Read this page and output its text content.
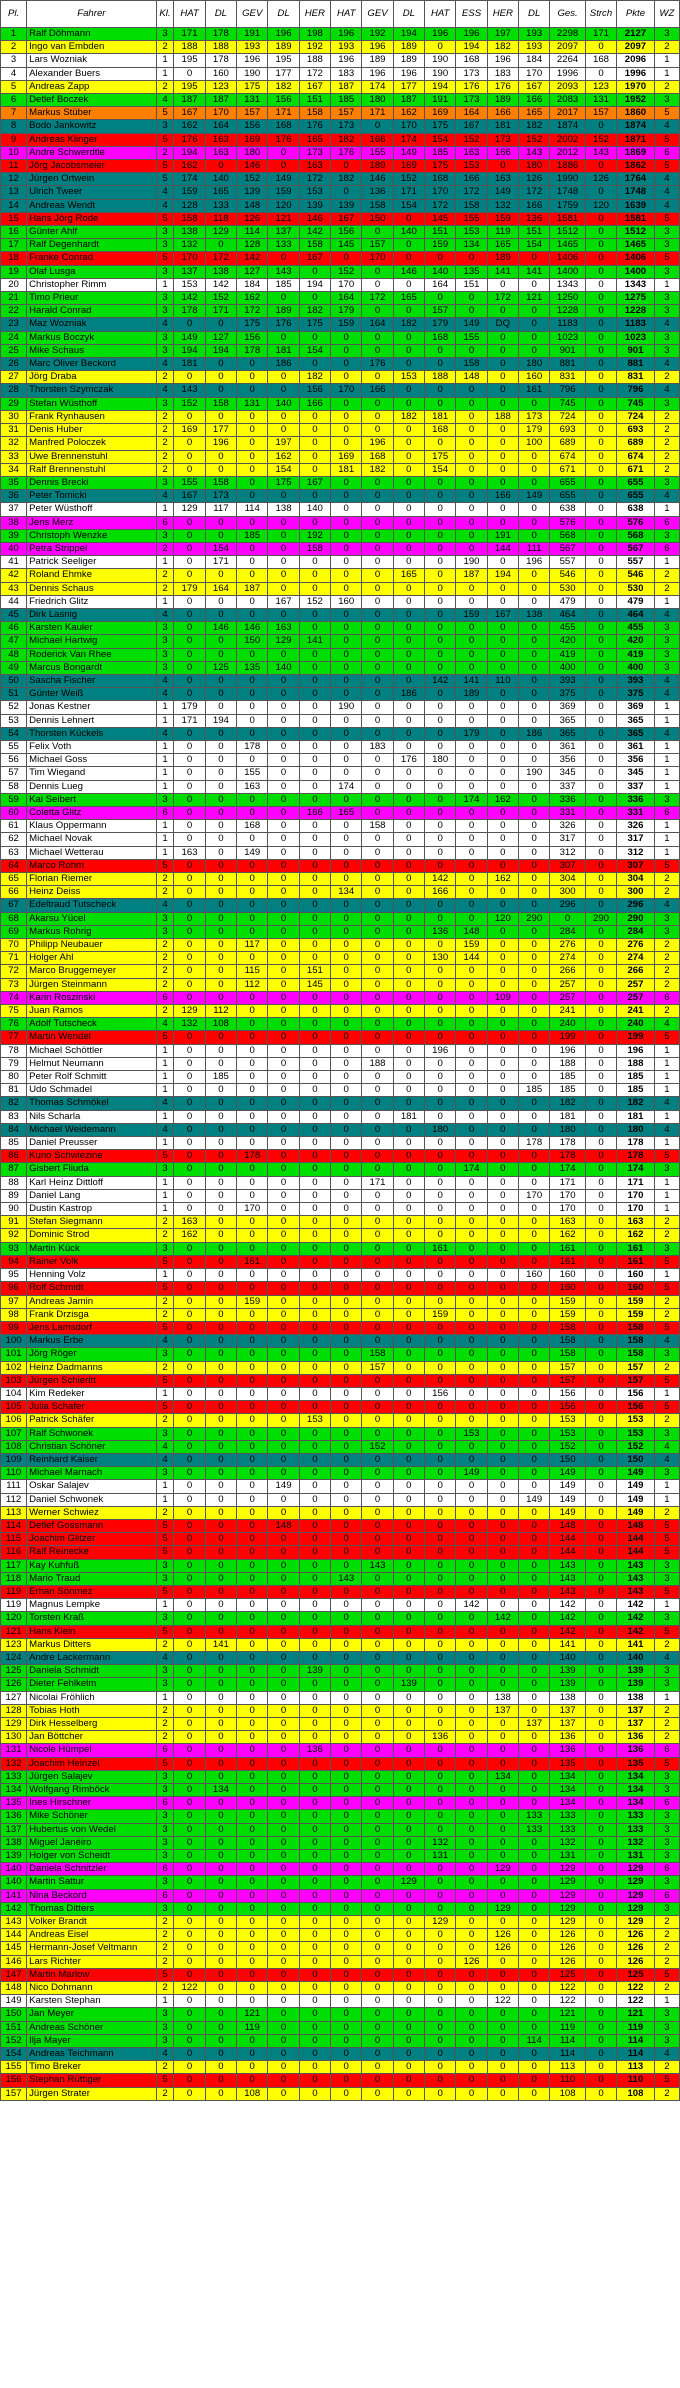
Pl.	Fahrer	Kl.	HAT	DL	GEV	DL	HER	HAT	GEV	DL	HAT	ESS	HER	DL	Ges.	Strch	Pkte	WZ
1	Ralf Döhmann	3	171	178	191	196	198	196	192	194	196	196	197	193	2298	171	2127	3
2	Ingo van Embden	2	188	188	193	189	192	193	196	189	0	194	182	193	2097	0	2097	2
3	Lars Wozniak	1	195	178	196	195	188	196	189	189	190	168	196	184	2264	168	2096	1
4	Alexander Buers	1	0	160	190	177	172	183	196	196	190	173	183	170	1996	0	1996	1
5	Andreas Zapp	2	195	123	175	182	167	187	174	177	194	176	176	167	2093	123	1970	2
6	Detlef Boczek	4	187	187	131	156	151	185	180	187	191	173	189	166	2083	131	1952	3
7	Markus Stüber	5	167	170	157	171	158	157	171	162	169	164	166	165	2017	157	1860	5
8	Bodo Jankowitz	3	162	164	156	168	176	173	0	170	175	167	181	182	1874	0	1874	4
9	Andreas Klinger	5	176	163	169	176	165	182	166	174	154	152	173	152	2002	152	1871	5
10	Andre Schwerdtle	2	194	163	180	0	173	176	155	149	185	163	166	143	2012	143	1869	6
11	Jörg Jacobsmeier	5	162	0	146	0	163	0	189	169	175	153	0	180	1886	0	1862	5
12	Jürgen Ortwein	5	174	140	152	149	172	182	146	152	168	166	163	126	1990	126	1764	4
13	Ulrich Tweer	4	159	165	139	159	153	0	136	171	170	172	149	172	1748	0	1748	4
14	Andreas Wendt	4	128	133	148	120	139	139	158	154	172	158	132	166	1759	120	1639	4
15	Hans Jörg Rode	5	158	118	126	121	146	167	150	0	145	155	159	136	1581	0	1581	5
16	Günter Ahlf	3	138	129	114	137	142	156	0	140	151	153	119	151	1512	0	1512	3
17	Ralf Degenhardt	3	132	0	128	133	158	145	157	0	159	134	165	154	1465	0	1465	3
18	Franke Conrad	5	170	172	142	0	167	0	170	0	0	0	189	0	1406	0	1406	5
19	Olaf Lusga	3	137	138	127	143	0	152	0	146	140	135	141	141	1400	0	1400	3
20	Christopher Rimm	1	153	142	184	185	194	170	0	0	164	151	0	0	1343	0	1343	1
21	Timo Prieur	3	142	152	162	0	0	164	172	165	0	0	172	121	1250	0	1275	3
22	Harald Conrad	3	178	171	172	189	182	179	0	0	157	0	0	0	1228	0	1228	3
23	Maz Wozniak	4	0	0	175	176	175	159	164	182	179	149	DQ	0	1183	0	1183	4
24	Markus Boczyk	3	149	127	156	0	0	0	0	0	168	155	0	0	1023	0	1023	3
25	Mike Schaus	3	194	194	178	181	154	0	0	0	0	0	0	0	901	0	901	3
26	Marc Oliver Beckord	4	181	0	0	186	0	0	176	0	0	158	0	180	881	0	881	4
27	Jörg Draba	2	0	0	0	0	182	0	0	153	188	148	0	160	831	0	831	2
28	Thorsten Szymczak	4	143	0	0	0	156	170	166	0	0	0	0	161	796	0	796	4
29	Stefan Wüsthoff	3	152	158	131	140	166	0	0	0	0	0	0	0	745	0	745	3
30	Frank Rynhausen	2	0	0	0	0	0	0	0	182	181	0	188	173	724	0	724	2
31	Denis Huber	2	169	177	0	0	0	0	0	0	168	0	0	179	693	0	693	2
32	Manfred Poloczek	2	0	196	0	197	0	0	196	0	0	0	0	100	689	0	689	2
33	Uwe Brennenstuhl	2	0	0	0	162	0	169	168	0	175	0	0	0	674	0	674	2
34	Ralf Brennenstuhl	2	0	0	0	154	0	181	182	0	154	0	0	0	671	0	671	2
35	Dennis Brecki	3	155	158	0	175	167	0	0	0	0	0	0	0	655	0	655	3
36	Peter Tomicki	4	167	173	0	0	0	0	0	0	0	0	166	149	655	0	655	4
37	Peter Wüsthoff	1	129	117	114	138	140	0	0	0	0	0	0	0	638	0	638	1
38	Jens Merz	6	0	0	0	0	0	0	0	0	0	0	0	0	576	0	576	6
39	Christoph Wenzke	3	0	0	185	0	192	0	0	0	0	0	191	0	568	0	568	3
40	Petra Strippel	2	0	154	0	0	158	0	0	0	0	0	144	111	567	0	567	6
41	Patrick Seeliger	1	0	171	0	0	0	0	0	0	0	190	0	196	557	0	557	1
42	Roland Ehmke	2	0	0	0	0	0	0	0	165	0	187	194	0	546	0	546	2
43	Dennis Schaus	2	179	164	187	0	0	0	0	0	0	0	0	0	530	0	530	2
44	Friedrich Glitz	1	0	0	0	167	152	160	0	0	0	0	0	0	479	0	479	1
45	Dirk Lasnig	4	0	0	0	0	0	0	0	0	0	159	167	138	464	0	464	4
46	Karsten Kauler	3	0	146	146	163	0	0	0	0	0	0	0	0	455	0	455	3
47	Michael Hartwig	3	0	0	150	129	141	0	0	0	0	0	0	0	420	0	420	3
48	Roderick Van Rhee	3	0	0	0	0	0	0	0	0	0	0	0	0	419	0	419	3
49	Marcus Bongardt	3	0	125	135	140	0	0	0	0	0	0	0	0	400	0	400	3
50	Sascha Fischer	4	0	0	0	0	0	0	0	0	142	141	110	0	393	0	393	4
51	Günter Weiß	4	0	0	0	0	0	0	0	186	0	189	0	0	375	0	375	4
52	Jonas Kestner	1	179	0	0	0	0	190	0	0	0	0	0	0	369	0	369	1
53	Dennis Lehnert	1	171	194	0	0	0	0	0	0	0	0	0	0	365	0	365	1
54	Thorsten Kückels	4	0	0	0	0	0	0	0	0	0	179	0	186	365	0	365	4
55	Felix Voth	1	0	0	178	0	0	0	183	0	0	0	0	0	361	0	361	1
56	Michael Goss	1	0	0	0	0	0	0	0	176	180	0	0	0	356	0	356	1
57	Tim Wiegand	1	0	0	155	0	0	0	0	0	0	0	0	190	345	0	345	1
58	Dennis Lueg	1	0	0	163	0	0	174	0	0	0	0	0	0	337	0	337	1
59	Kai Seibert	3	0	0	0	0	0	0	0	0	0	174	162	0	336	0	336	3
60	Coletta Glitz	6	0	0	0	0	166	165	0	0	0	0	0	0	331	0	331	6
61	Klaus Oppermann	1	0	0	168	0	0	0	158	0	0	0	0	0	326	0	326	1
62	Michael Novak	1	0	0	0	0	0	0	0	0	0	0	0	0	317	0	317	1
63	Michael Wetterau	1	163	0	149	0	0	0	0	0	0	0	0	0	312	0	312	1
64	Marco Rohm	5	0	0	0	0	0	0	0	0	0	0	0	0	307	0	307	5
65	Florian Riemer	2	0	0	0	0	0	0	0	0	142	0	162	0	304	0	304	2
66	Heinz Deiss	2	0	0	0	0	0	134	0	0	166	0	0	0	300	0	300	2
67	Edeltraud Tutscheck	4	0	0	0	0	0	0	0	0	0	0	0	0	296	0	296	4
68	Akarsu Yücel	3	0	0	0	0	0	0	0	0	0	0	120	290	0	290	290	3
69	Markus Rohrig	3	0	0	0	0	0	0	0	0	136	148	0	0	284	0	284	3
70	Philipp Neubauer	2	0	0	117	0	0	0	0	0	0	159	0	0	276	0	276	2
71	Holger Ahl	2	0	0	0	0	0	0	0	0	130	144	0	0	274	0	274	2
72	Marco Bruggemeyer	2	0	0	115	0	151	0	0	0	0	0	0	0	266	0	266	2
73	Jürgen Steinmann	2	0	0	112	0	145	0	0	0	0	0	0	0	257	0	257	2
74	Karin Roszinski	6	0	0	0	0	0	0	0	0	0	0	109	0	257	0	257	6
75	Juan Ramos	2	129	112	0	0	0	0	0	0	0	0	0	0	241	0	241	2
76	Adolf Tutscheck	4	132	108	0	0	0	0	0	0	0	0	0	0	240	0	240	4
77	Martin Wendel	5	0	0	0	0	0	0	0	0	0	0	0	0	199	0	199	5
78	Michael Schöttler	1	0	0	0	0	0	0	0	0	196	0	0	0	196	0	196	1
79	Helmut Neumann	1	0	0	0	0	0	0	188	0	0	0	0	0	188	0	188	1
80	Peter Rolf Schmitt	1	0	185	0	0	0	0	0	0	0	0	0	0	185	0	185	1
81	Udo Schmadel	1	0	0	0	0	0	0	0	0	0	0	0	185	185	0	185	1
82	Thomas Schmökel	4	0	0	0	0	0	0	0	0	0	0	0	0	182	0	182	4
83	Nils Scharla	1	0	0	0	0	0	0	0	181	0	0	0	0	181	0	181	1
84	Michael Weidemann	4	0	0	0	0	0	0	0	0	180	0	0	0	180	0	180	4
85	Daniel Preusser	1	0	0	0	0	0	0	0	0	0	0	0	178	178	0	178	1
86	Kuno Schwiezine	5	0	0	178	0	0	0	0	0	0	0	0	0	178	0	178	5
87	Gisbert Fliuda	3	0	0	0	0	0	0	0	0	0	174	0	0	174	0	174	3
88	Karl Heinz Dittloff	1	0	0	0	0	0	0	171	0	0	0	0	0	171	0	171	1
89	Daniel Lang	1	0	0	0	0	0	0	0	0	0	0	0	170	170	0	170	1
90	Dustin Kastrop	1	0	0	170	0	0	0	0	0	0	0	0	0	170	0	170	1
91	Stefan Siegmann	2	163	0	0	0	0	0	0	0	0	0	0	0	163	0	163	2
92	Dominic Strod	2	162	0	0	0	0	0	0	0	0	0	0	0	162	0	162	2
93	Martin Kück	3	0	0	0	0	0	0	0	0	161	0	0	0	161	0	161	3
94	Rainer Volk	5	0	0	161	0	0	0	0	0	0	0	0	0	161	0	161	5
95	Henning Volz	1	0	0	0	0	0	0	0	0	0	0	0	160	160	0	160	1
96	Rolf Schmidt	5	0	0	0	0	0	0	0	0	0	0	0	0	160	0	160	5
97	Andreas Jamin	2	0	0	159	0	0	0	0	0	0	0	0	0	159	0	159	2
98	Frank Drzisga	2	0	0	0	0	0	0	0	0	159	0	0	0	159	0	159	2
99	Jens Lamsdorf	5	0	0	0	0	0	0	0	0	0	0	0	0	158	0	158	5
100	Markus Erbe	4	0	0	0	0	0	0	0	0	0	0	0	0	158	0	158	4
101	Jörg Röger	3	0	0	0	0	0	0	158	0	0	0	0	0	158	0	158	3
102	Heinz Dadmanns	2	0	0	0	0	0	0	157	0	0	0	0	0	157	0	157	2
103	Jürgen Schieritt	5	0	0	0	0	0	0	0	0	0	0	0	0	157	0	157	5
104	Kim Redeker	1	0	0	0	0	0	0	0	0	156	0	0	0	156	0	156	1
105	Julia Schafer	5	0	0	0	0	0	0	0	0	0	0	0	0	156	0	156	5
106	Patrick Schäfer	2	0	0	0	0	153	0	0	0	0	0	0	0	153	0	153	2
107	Ralf Schwonek	3	0	0	0	0	0	0	0	0	0	153	0	0	153	0	153	3
108	Christian Schöner	4	0	0	0	0	0	0	152	0	0	0	0	0	152	0	152	4
109	Reinhard Kaiser	4	0	0	0	0	0	0	0	0	0	0	0	0	150	0	150	4
110	Michael Marnach	3	0	0	0	0	0	0	0	0	0	149	0	0	149	0	149	3
111	Oskar Salajev	1	0	0	0	149	0	0	0	0	0	0	0	0	149	0	149	1
112	Daniel Schwonek	1	0	0	0	0	0	0	0	0	0	0	0	149	149	0	149	1
113	Werner Schwiez	2	0	0	0	0	0	0	0	0	0	0	0	0	149	0	149	2
114	Detlef Gossmann	5	0	0	0	148	0	0	0	0	0	0	0	0	148	0	148	5
115	Joachim Glitzer	5	0	0	0	0	0	0	0	0	0	0	0	0	144	0	144	5
116	Ralf Reinecke	5	0	0	0	0	0	0	0	0	0	0	0	0	144	0	144	5
117	Kay Kuhfuß	3	0	0	0	0	0	0	143	0	0	0	0	0	143	0	143	3
118	Mario Traud	3	0	0	0	0	0	143	0	0	0	0	0	0	143	0	143	3
119	Erhan Sönmez	5	0	0	0	0	0	0	0	0	0	0	0	0	143	0	143	5
119	Magnus Lempke	1	0	0	0	0	0	0	0	0	0	142	0	0	142	0	142	1
120	Torsten Kraß	3	0	0	0	0	0	0	0	0	0	0	142	0	142	0	142	3
121	Hans Klein	5	0	0	0	0	0	0	0	0	0	0	0	0	142	0	142	5
123	Markus Ditters	2	0	141	0	0	0	0	0	0	0	0	0	0	141	0	141	2
124	Andre Lackermann	4	0	0	0	0	0	0	0	0	0	0	0	0	140	0	140	4
125	Daniela Schmidt	3	0	0	0	0	139	0	0	0	0	0	0	0	139	0	139	3
126	Dieter Fehlkelm	3	0	0	0	0	0	0	0	139	0	0	0	0	139	0	139	3
127	Nicolai Fröhlich	1	0	0	0	0	0	0	0	0	0	0	138	0	138	0	138	1
128	Tobias Hoth	2	0	0	0	0	0	0	0	0	0	0	137	0	137	0	137	2
129	Dirk Hesselberg	2	0	0	0	0	0	0	0	0	0	0	0	137	137	0	137	2
130	Jan Böttcher	2	0	0	0	0	0	0	0	0	136	0	0	0	136	0	136	2
131	Nicole Hümpel	6	0	0	0	0	136	0	0	0	0	0	0	0	136	0	136	6
132	Joachim Heinzel	5	0	0	0	0	0	0	0	0	0	0	0	0	135	0	135	5
133	Jürgen Salajev	3	0	0	0	0	0	0	0	0	0	0	134	0	134	0	134	3
134	Wolfgang Rimböck	3	0	134	0	0	0	0	0	0	0	0	0	0	134	0	134	3
135	Ines Hirschner	6	0	0	0	0	0	0	0	0	0	0	0	0	134	0	134	6
136	Mike Schöner	3	0	0	0	0	0	0	0	0	0	0	0	133	133	0	133	3
137	Hubertus von Wedel	3	0	0	0	0	0	0	0	0	0	0	0	133	133	0	133	3
138	Miguel Janéiro	3	0	0	0	0	0	0	0	0	132	0	0	0	132	0	132	3
139	Holger von Scheidt	3	0	0	0	0	0	0	0	0	131	0	0	0	131	0	131	3
140	Daniela Schnitzler	6	0	0	0	0	0	0	0	0	0	0	129	0	129	0	129	6
140	Martin Sattur	3	0	0	0	0	0	0	0	129	0	0	0	0	129	0	129	3
141	Nina Beckord	6	0	0	0	0	0	0	0	0	0	0	0	0	129	0	129	6
142	Thomas Ditters	3	0	0	0	0	0	0	0	0	0	0	129	0	129	0	129	3
143	Volker Brandt	2	0	0	0	0	0	0	0	0	129	0	0	0	129	0	129	2
144	Andreas Eisel	2	0	0	0	0	0	0	0	0	0	0	126	0	126	0	126	2
145	Hermann-Josef Veltmann	2	0	0	0	0	0	0	0	0	0	0	126	0	126	0	126	2
146	Lars Richter	2	0	0	0	0	0	0	0	0	0	126	0	0	126	0	126	2
147	Martin Marlow	5	0	0	0	0	0	0	0	0	0	0	0	0	125	0	125	5
148	Nico Dohmann	2	122	0	0	0	0	0	0	0	0	0	0	0	122	0	122	2
149	Karsten Stephan	1	0	0	0	0	0	0	0	0	0	0	122	0	122	0	122	1
150	Jan Meyer	3	0	0	121	0	0	0	0	0	0	0	0	0	121	0	121	3
151	Andreas Schöner	3	0	0	119	0	0	0	0	0	0	0	0	0	119	0	119	3
152	Ilja Mayer	3	0	0	0	0	0	0	0	0	0	0	0	114	114	0	114	3
154	Andreas Teichmann	4	0	0	0	0	0	0	0	0	0	0	0	0	114	0	114	4
155	Timo Breker	2	0	0	0	0	0	0	0	0	0	0	0	0	113	0	113	2
156	Stephan Rüttiger	5	0	0	0	0	0	0	0	0	0	0	0	0	110	0	110	5
157	Jürgen Strater	2	0	0	108	0	0	0	0	0	0	0	0	0	108	0	108	2
